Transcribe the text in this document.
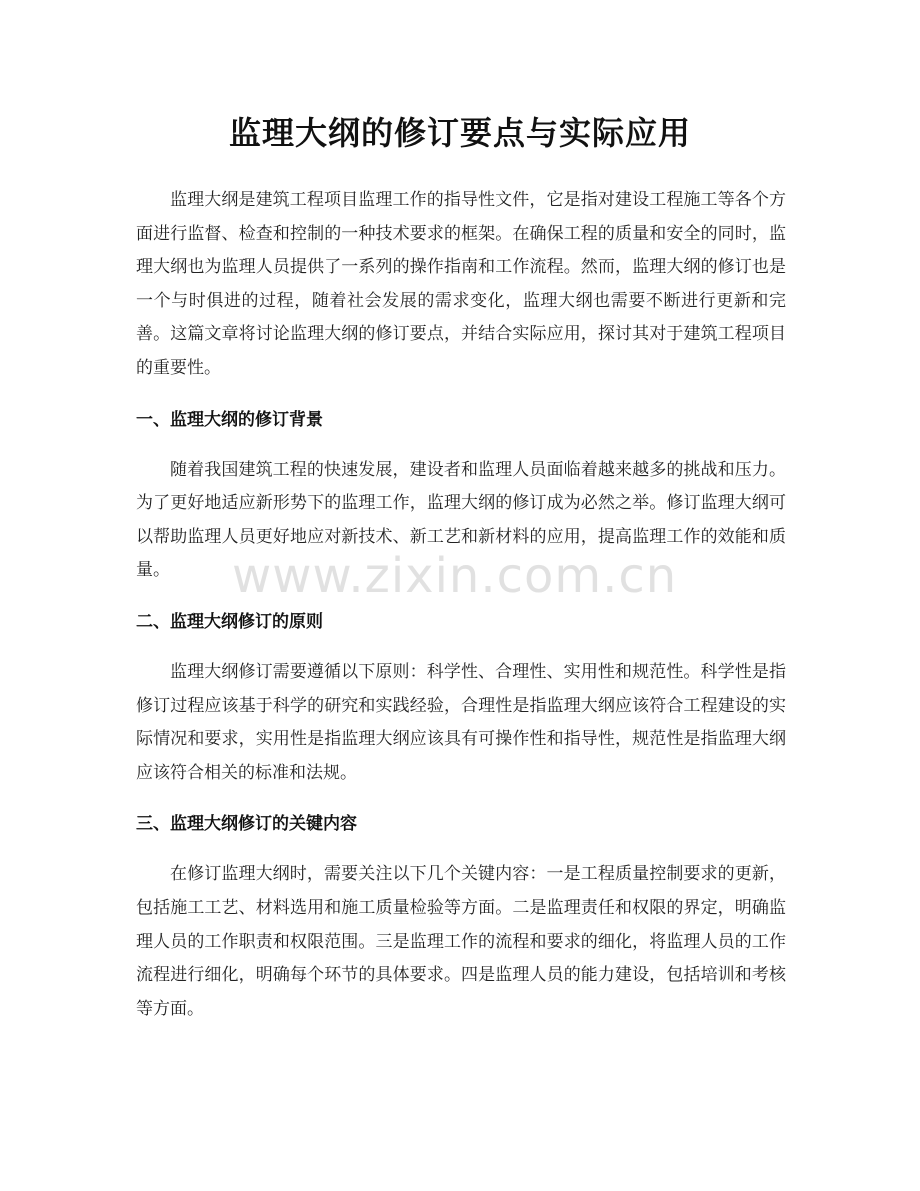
监理大纲的修订要点与实际应用

监理大纲是建筑工程项目监理工作的指导性文件，它是指对建设工程施工等各个方面进行监督、检查和控制的一种技术要求的框架。在确保工程的质量和安全的同时，监理大纲也为监理人员提供了一系列的操作指南和工作流程。然而，监理大纲的修订也是一个与时俱进的过程，随着社会发展的需求变化，监理大纲也需要不断进行更新和完善。这篇文章将讨论监理大纲的修订要点，并结合实际应用，探讨其对于建筑工程项目的重要性。

一、监理大纲的修订背景

随着我国建筑工程的快速发展，建设者和监理人员面临着越来越多的挑战和压力。为了更好地适应新形势下的监理工作，监理大纲的修订成为必然之举。修订监理大纲可以帮助监理人员更好地应对新技术、新工艺和新材料的应用，提高监理工作的效能和质量。

二、监理大纲修订的原则

监理大纲修订需要遵循以下原则：科学性、合理性、实用性和规范性。科学性是指修订过程应该基于科学的研究和实践经验，合理性是指监理大纲应该符合工程建设的实际情况和要求，实用性是指监理大纲应该具有可操作性和指导性，规范性是指监理大纲应该符合相关的标准和法规。

三、监理大纲修订的关键内容

在修订监理大纲时，需要关注以下几个关键内容：一是工程质量控制要求的更新，包括施工工艺、材料选用和施工质量检验等方面。二是监理责任和权限的界定，明确监理人员的工作职责和权限范围。三是监理工作的流程和要求的细化，将监理人员的工作流程进行细化，明确每个环节的具体要求。四是监理人员的能力建设，包括培训和考核等方面。

www.zixin.com.cn
